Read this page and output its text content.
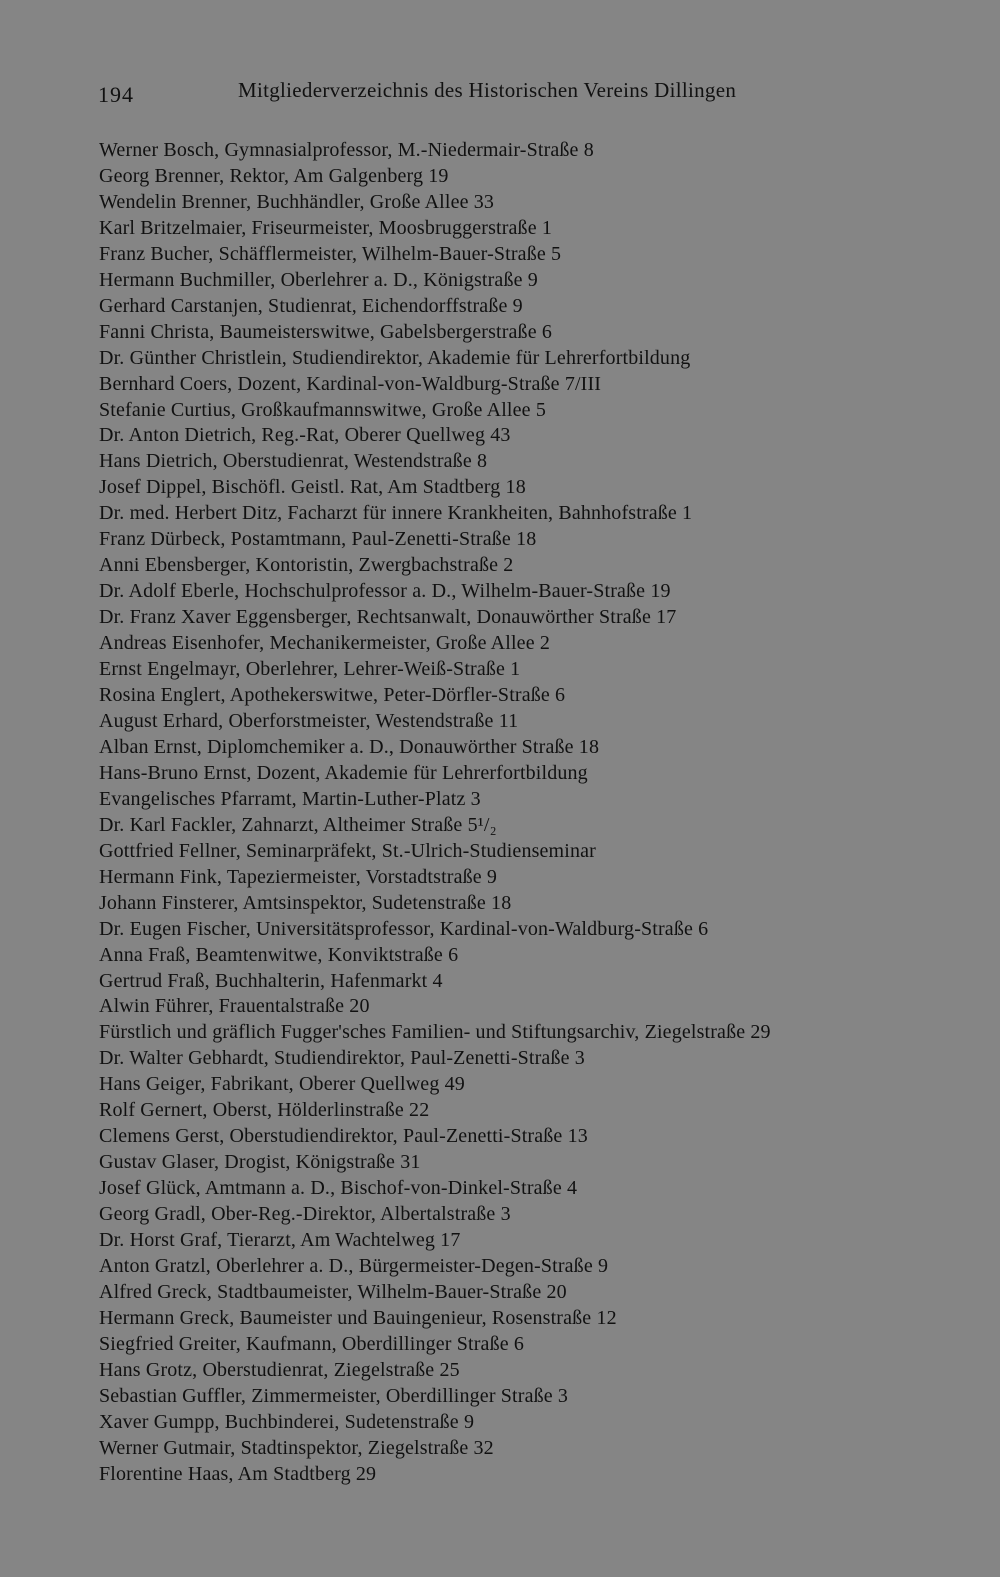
194	Mitgliederverzeichnis des Historischen Vereins Dillingen
Werner Bosch, Gymnasialprofessor, M.-Niedermair-Straße 8
Georg Brenner, Rektor, Am Galgenberg 19
Wendelin Brenner, Buchhändler, Große Allee 33
Karl Britzelmaier, Friseurmeister, Moosbruggerstraße 1
Franz Bucher, Schäfflermeister, Wilhelm-Bauer-Straße 5
Hermann Buchmiller, Oberlehrer a. D., Königstraße 9
Gerhard Carstanjen, Studienrat, Eichendorffstraße 9
Fanni Christa, Baumeisterswitwe, Gabelsbergerstraße 6
Dr. Günther Christlein, Studiendirektor, Akademie für Lehrerfortbildung
Bernhard Coers, Dozent, Kardinal-von-Waldburg-Straße 7/III
Stefanie Curtius, Großkaufmannswitwe, Große Allee 5
Dr. Anton Dietrich, Reg.-Rat, Oberer Quellweg 43
Hans Dietrich, Oberstudienrat, Westendstraße 8
Josef Dippel, Bischöfl. Geistl. Rat, Am Stadtberg 18
Dr. med. Herbert Ditz, Facharzt für innere Krankheiten, Bahnhofstraße 1
Franz Dürbeck, Postamtmann, Paul-Zenetti-Straße 18
Anni Ebensberger, Kontoristin, Zwergbachstraße 2
Dr. Adolf Eberle, Hochschulprofessor a. D., Wilhelm-Bauer-Straße 19
Dr. Franz Xaver Eggensberger, Rechtsanwalt, Donauwörther Straße 17
Andreas Eisenhofer, Mechanikermeister, Große Allee 2
Ernst Engelmayr, Oberlehrer, Lehrer-Weiß-Straße 1
Rosina Englert, Apothekerswitwe, Peter-Dörfler-Straße 6
August Erhard, Oberforstmeister, Westendstraße 11
Alban Ernst, Diplomchemiker a. D., Donauwörther Straße 18
Hans-Bruno Ernst, Dozent, Akademie für Lehrerfortbildung
Evangelisches Pfarramt, Martin-Luther-Platz 3
Dr. Karl Fackler, Zahnarzt, Altheimer Straße 5¹/₂
Gottfried Fellner, Seminarpräfekt, St.-Ulrich-Studienseminar
Hermann Fink, Tapeziermeister, Vorstadtstraße 9
Johann Finsterer, Amtsinspektor, Sudetenstraße 18
Dr. Eugen Fischer, Universitätsprofessor, Kardinal-von-Waldburg-Straße 6
Anna Fraß, Beamtenwitwe, Konviktstraße 6
Gertrud Fraß, Buchhalterin, Hafenmarkt 4
Alwin Führer, Frauentalstraße 20
Fürstlich und gräflich Fugger'sches Familien- und Stiftungsarchiv, Ziegelstraße 29
Dr. Walter Gebhardt, Studiendirektor, Paul-Zenetti-Straße 3
Hans Geiger, Fabrikant, Oberer Quellweg 49
Rolf Gernert, Oberst, Hölderlinstraße 22
Clemens Gerst, Oberstudiendirektor, Paul-Zenetti-Straße 13
Gustav Glaser, Drogist, Königstraße 31
Josef Glück, Amtmann a. D., Bischof-von-Dinkel-Straße 4
Georg Gradl, Ober-Reg.-Direktor, Albertalstraße 3
Dr. Horst Graf, Tierarzt, Am Wachtelweg 17
Anton Gratzl, Oberlehrer a. D., Bürgermeister-Degen-Straße 9
Alfred Greck, Stadtbaumeister, Wilhelm-Bauer-Straße 20
Hermann Greck, Baumeister und Bauingenieur, Rosenstraße 12
Siegfried Greiter, Kaufmann, Oberdillinger Straße 6
Hans Grotz, Oberstudienrat, Ziegelstraße 25
Sebastian Guffler, Zimmermeister, Oberdillinger Straße 3
Xaver Gumpp, Buchbinderei, Sudetenstraße 9
Werner Gutmair, Stadtinspektor, Ziegelstraße 32
Florentine Haas, Am Stadtberg 29
